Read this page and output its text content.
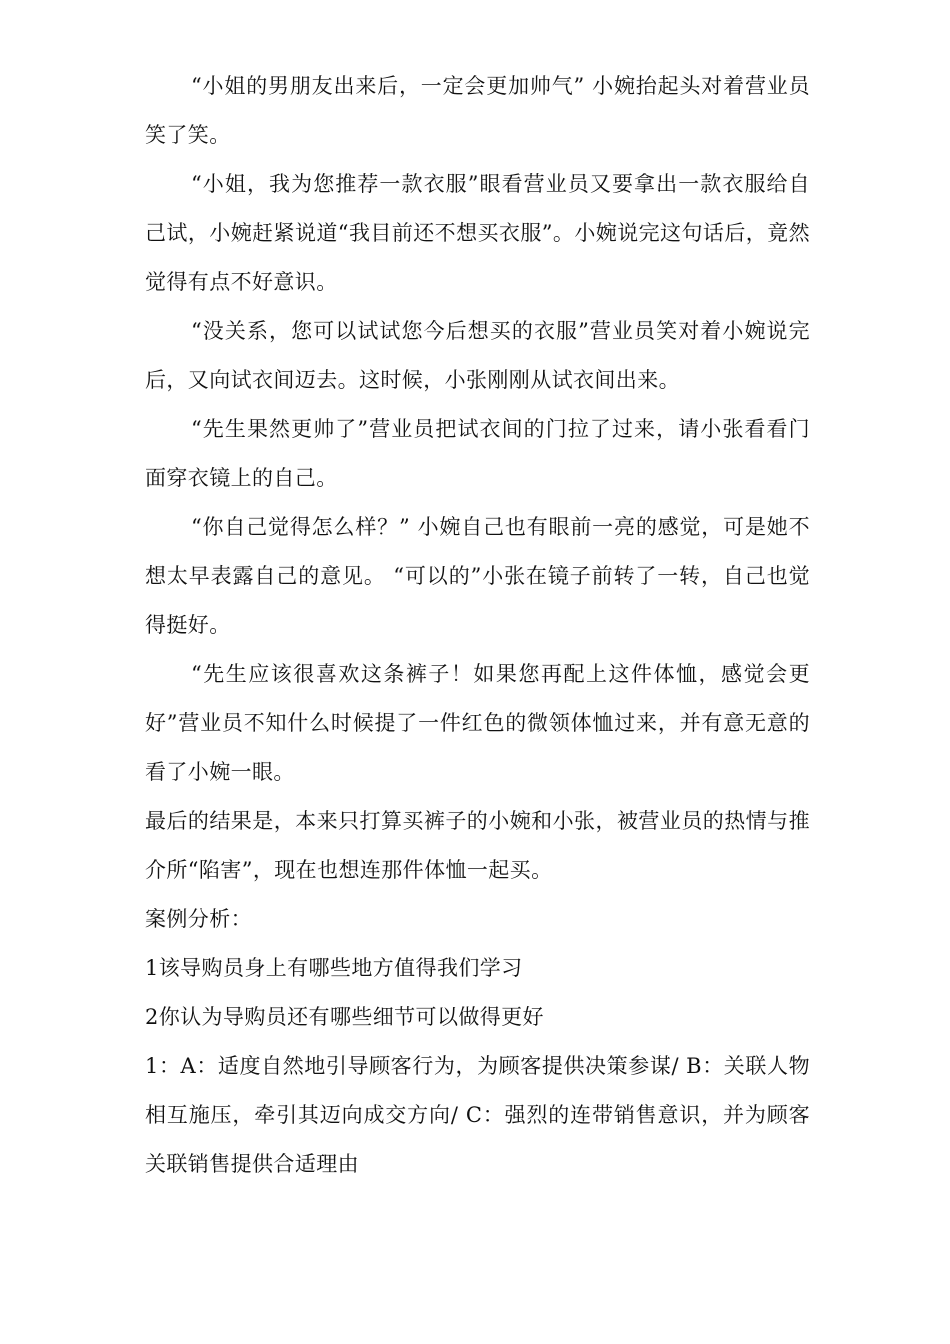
“小姐的男朋友出来后，一定会更加帅气” 小婉抬起头对着营业员笑了笑。

“小姐，我为您推荐一款衣服”眼看营业员又要拿出一款衣服给自己试，小婉赶紧说道“我目前还不想买衣服”。小婉说完这句话后，竟然觉得有点不好意识。

“没关系，您可以试试您今后想买的衣服”营业员笑对着小婉说完后，又向试衣间迈去。这时候，小张刚刚从试衣间出来。

“先生果然更帅了”营业员把试衣间的门拉了过来，请小张看看门面穿衣镜上的自己。

“你自己觉得怎么样？” 小婉自己也有眼前一亮的感觉，可是她不想太早表露自己的意见。 “可以的”小张在镜子前转了一转，自己也觉得挺好。

“先生应该很喜欢这条裤子！如果您再配上这件体恤，感觉会更好”营业员不知什么时候提了一件红色的微领体恤过来，并有意无意的看了小婉一眼。

最后的结果是，本来只打算买裤子的小婉和小张，被营业员的热情与推介所“陷害”，现在也想连那件体恤一起买。

案例分析：

1该导购员身上有哪些地方值得我们学习

2你认为导购员还有哪些细节可以做得更好

1：A：适度自然地引导顾客行为，为顾客提供决策参谋/ B：关联人物相互施压，牵引其迈向成交方向/ C：强烈的连带销售意识，并为顾客关联销售提供合适理由
